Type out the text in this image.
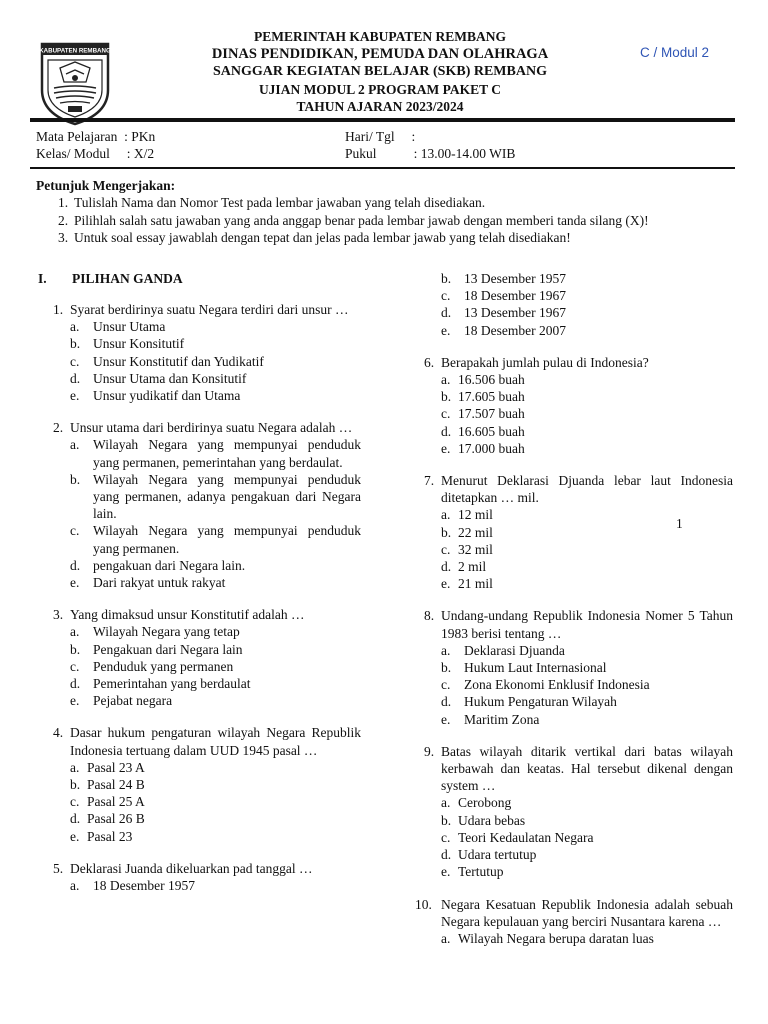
KABUPATEN REMBANG
PEMERINTAH KABUPATEN REMBANG
DINAS PENDIDIKAN, PEMUDA DAN OLAHRAGA
SANGGAR KEGIATAN BELAJAR (SKB) REMBANG
UJIAN MODUL 2 PROGRAM PAKET C
TAHUN AJARAN 2023/2024
C / Modul 2
Mata Pelajaran  : PKn
Kelas/ Modul     : X/2
Hari/ Tgl     :
Pukul           : 13.00-14.00 WIB
Petunjuk Mengerjakan:
1. Tulislah Nama dan Nomor Test pada lembar jawaban yang telah disediakan.
2. Pilihlah salah satu jawaban yang anda anggap benar pada lembar jawab dengan memberi tanda silang (X)!
3. Untuk soal essay jawablah dengan tepat dan jelas pada lembar jawab yang telah disediakan!
I. PILIHAN GANDA
1. Syarat berdirinya suatu Negara terdiri dari unsur …
a. Unsur Utama
b. Unsur Konsitutif
c. Unsur Konstitutif dan Yudikatif
d. Unsur Utama dan Konsitutif
e. Unsur yudikatif dan Utama
2. Unsur utama dari berdirinya suatu Negara adalah …
a. Wilayah Negara yang mempunyai penduduk yang permanen, pemerintahan yang berdaulat.
b. Wilayah Negara yang mempunyai penduduk yang permanen, adanya pengakuan dari Negara lain.
c. Wilayah Negara yang mempunyai penduduk yang permanen.
d. pengakuan dari Negara lain.
e. Dari rakyat untuk rakyat
3. Yang dimaksud unsur Konstitutif adalah …
a. Wilayah Negara yang tetap
b. Pengakuan dari Negara lain
c. Penduduk yang permanen
d. Pemerintahan yang berdaulat
e. Pejabat negara
4. Dasar hukum pengaturan wilayah Negara Republik Indonesia tertuang dalam UUD 1945 pasal …
a. Pasal 23 A
b. Pasal 24 B
c. Pasal 25 A
d. Pasal 26 B
e. Pasal 23
5. Deklarasi Juanda dikeluarkan pad tanggal …
a. 18 Desember 1957
b. 13 Desember 1957
c. 18 Desember 1967
d. 13 Desember 1967
e. 18 Desember 2007
6. Berapakah jumlah pulau di Indonesia?
a. 16.506 buah
b. 17.605 buah
c. 17.507 buah
d. 16.605 buah
e. 17.000 buah
7. Menurut Deklarasi Djuanda lebar laut Indonesia ditetapkan … mil.
a. 12 mil
b. 22 mil
c. 32 mil
d. 2 mil
e. 21 mil
8. Undang-undang Republik Indonesia Nomer 5 Tahun 1983 berisi tentang …
a. Deklarasi Djuanda
b. Hukum Laut Internasional
c. Zona Ekonomi Enklusif Indonesia
d. Hukum Pengaturan Wilayah
e. Maritim Zona
9. Batas wilayah ditarik vertikal dari batas wilayah kerbawah dan keatas. Hal tersebut dikenal dengan system …
a. Cerobong
b. Udara bebas
c. Teori Kedaulatan Negara
d. Udara tertutup
e. Tertutup
10. Negara Kesatuan Republik Indonesia adalah sebuah Negara kepulauan yang berciri Nusantara karena …
a. Wilayah Negara berupa daratan luas
1
